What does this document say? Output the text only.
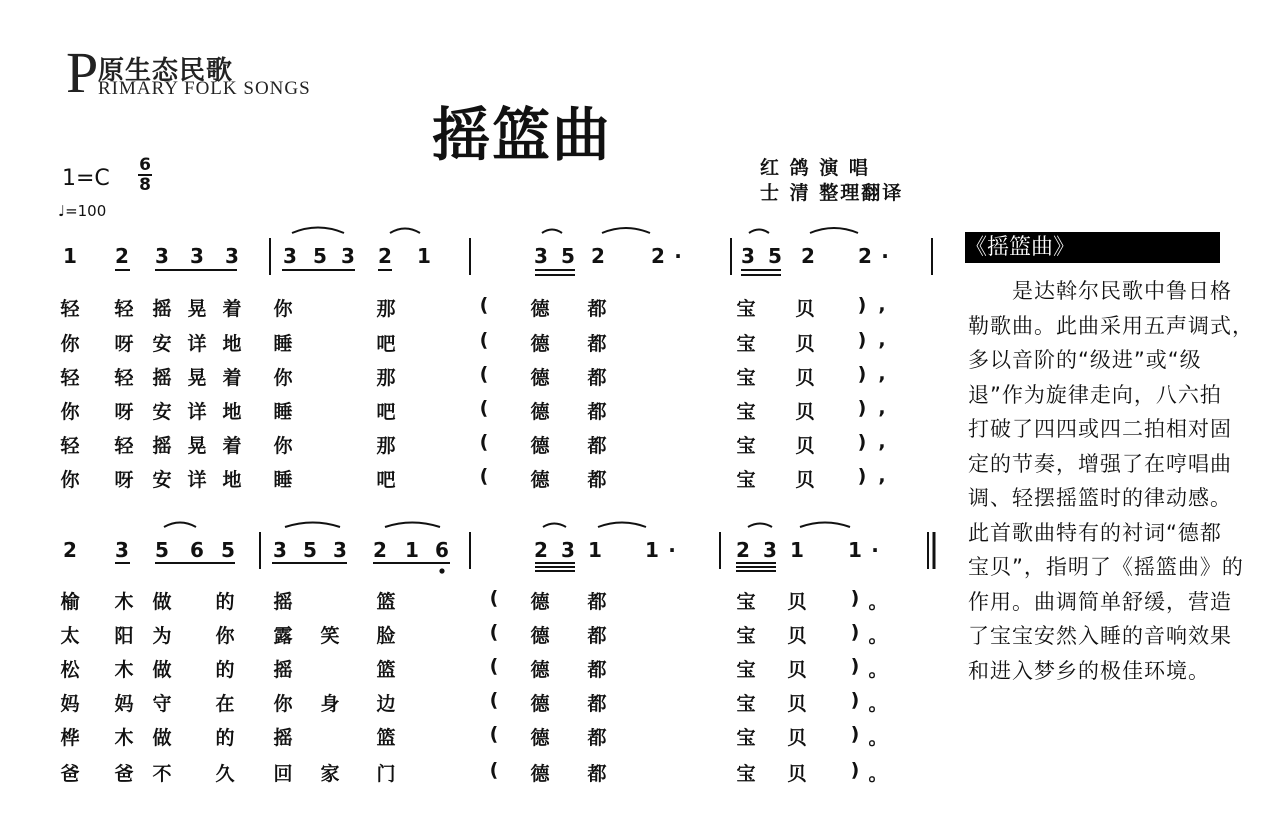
P 原生态民歌
RIMARY FOLK SONGS
摇篮曲
1=C
6
8
♩=100
红 鸽 演 唱
士 清 整理翻译
1 2 3 3 3 3 5 3 2 1	3 5 2 2 ·	3 5 2 2 ·
2 3 5 6 5 3 5 3 2 1 6	2 3 1 1 ·	2 3 1 1 ·
轻 轻 摇 晃 着 你	那	(	德 都	宝 贝	) ,
你 呀 安 详 地 睡	吧	(	德 都	宝 贝	) ,
轻 轻 摇 晃 着 你	那	(	德 都	宝 贝	) ,
你 呀 安 详 地 睡	吧	(	德 都	宝 贝	) ,
轻 轻 摇 晃 着 你	那	(	德 都	宝 贝	) ,
你 呀 安 详 地 睡	吧	(	德 都	宝 贝	) ,
榆 木 做 的 摇	篮	(	德 都	宝 贝	) 。
太 阳 为 你 露 笑 脸	(	德 都	宝 贝	) 。
松 木 做 的 摇	篮	(	德 都	宝 贝	) 。
妈 妈 守 在 你 身 边	(	德 都	宝 贝	) 。
桦 木 做 的 摇	篮	(	德 都	宝 贝	) 。
爸 爸 不 久 回 家 门	(	德 都	宝 贝	) 。
《摇篮曲》
　　是达斡尔民歌中鲁日格
勒歌曲。此曲采用五声调式，
多以音阶的“级进”或“级
退”作为旋律走向，八六拍
打破了四四或四二拍相对固
定的节奏，增强了在哼唱曲
调、轻摆摇篮时的律动感。
此首歌曲特有的衬词“德都
宝贝”，指明了《摇篮曲》的
作用。曲调简单舒缓，营造
了宝宝安然入睡的音响效果
和进入梦乡的极佳环境。
